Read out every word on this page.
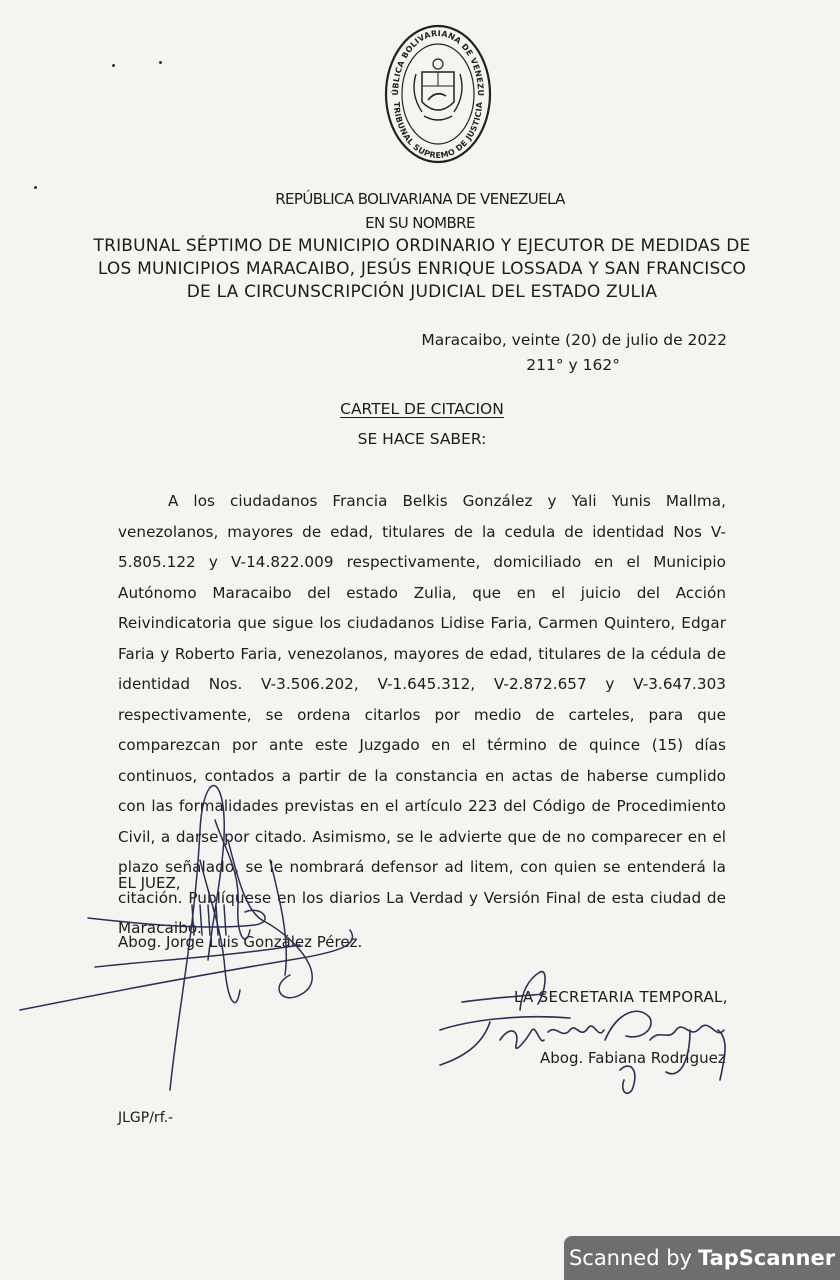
ÚBLICA BOLIVARIANA DE VENEZU
TRIBUNAL SUPREMO DE JUSTICIA
REPÚBLICA BOLIVARIANA DE VENEZUELA
EN SU NOMBRE
TRIBUNAL SÉPTIMO DE MUNICIPIO ORDINARIO Y EJECUTOR DE MEDIDAS DE
LOS MUNICIPIOS MARACAIBO, JESÚS ENRIQUE LOSSADA Y SAN FRANCISCO
DE LA CIRCUNSCRIPCIÓN JUDICIAL DEL ESTADO ZULIA
Maracaibo, veinte (20) de julio de 2022
211° y 162°
CARTEL DE CITACION
SE HACE SABER:
A los ciudadanos Francia Belkis González y Yali Yunis Mallma, venezolanos, mayores de edad, titulares de la cedula de identidad Nos V-5.805.122 y V-14.822.009 respectivamente, domiciliado en el Municipio Autónomo Maracaibo del estado Zulia, que en el juicio del Acción Reivindicatoria que sigue los ciudadanos Lidise Faria, Carmen Quintero, Edgar Faria y Roberto Faria, venezolanos, mayores de edad, titulares de la cédula de identidad Nos. V-3.506.202, V-1.645.312, V-2.872.657 y V-3.647.303 respectivamente, se ordena citarlos por medio de carteles, para que comparezcan por ante este Juzgado en el término de quince (15) días continuos, contados a partir de la constancia en actas de haberse cumplido con las formalidades previstas en el artículo 223 del Código de Procedimiento Civil, a darse por citado. Asimismo, se le advierte que de no comparecer en el plazo señalado, se le nombrará defensor ad litem, con quien se entenderá la citación. Publíquese en los diarios La Verdad y Versión Final de esta ciudad de Maracaibo.
EL JUEZ,
Abog. Jorge Luis González Pérez.
LA SECRETARIA TEMPORAL,
Abog. Fabiana Rodríguez
JLGP/rf.-
Scanned by TapScanner
